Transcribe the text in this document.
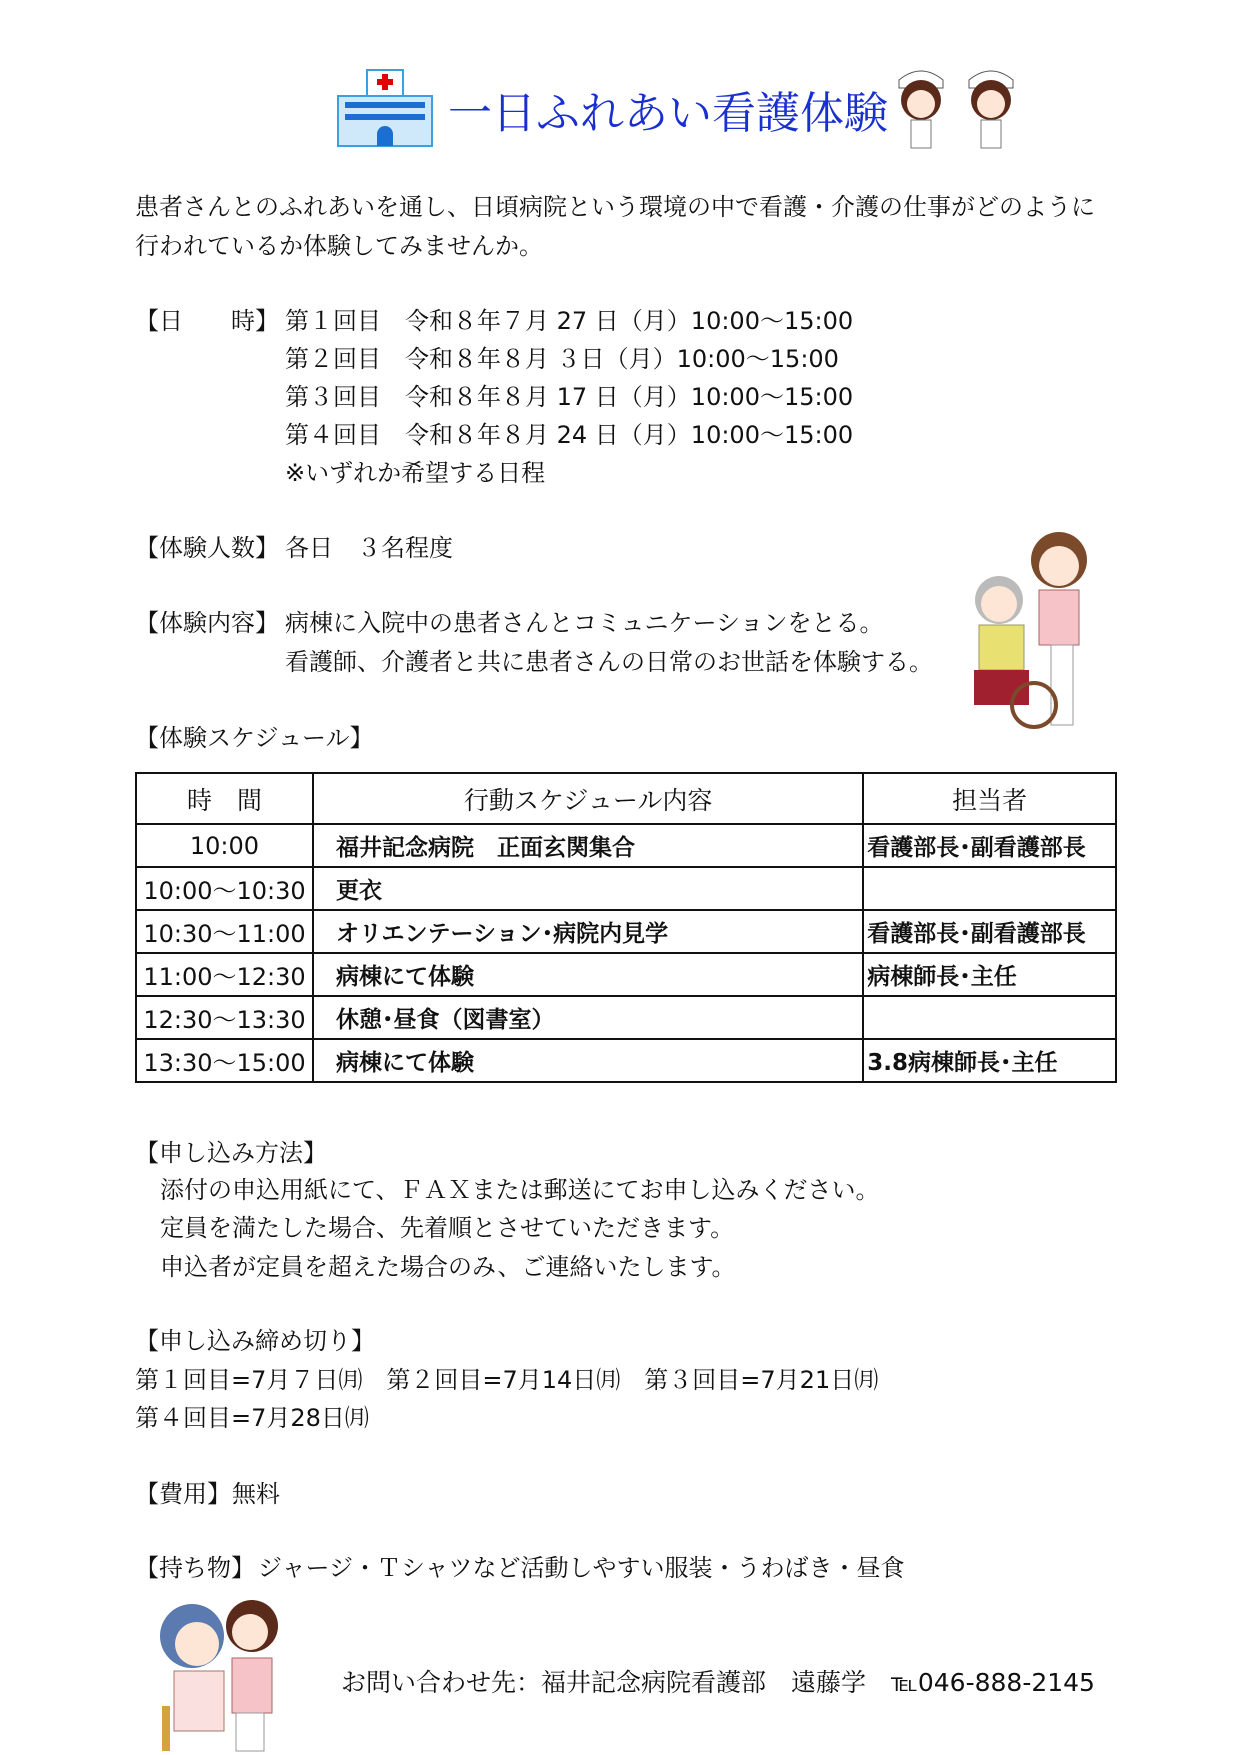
一日ふれあい看護体験
患者さんとのふれあいを通し、日頃病院という環境の中で看護・介護の仕事がどのように
行われているか体験してみませんか。
【日　　時】 第１回目　令和８年７月 27 日（月）10:00～15:00
第２回目　令和８年８月 ３日（月）10:00～15:00
第３回目　令和８年８月 17 日（月）10:00～15:00
第４回目　令和８年８月 24 日（月）10:00～15:00
※いずれか希望する日程
【体験人数】 各日　３名程度
【体験内容】 病棟に入院中の患者さんとコミュニケーションをとる。
看護師、介護者と共に患者さんの日常のお世話を体験する。
【体験スケジュール】
時　間	行動スケジュール内容	担当者
10:00	福井記念病院　正面玄関集合	看護部長･副看護部長
10:00～10:30	更衣	
10:30～11:00	オリエンテーション･病院内見学	看護部長･副看護部長
11:00～12:30	病棟にて体験	病棟師長･主任
12:30～13:30	休憩･昼食（図書室）	
13:30～15:00	病棟にて体験	3.8病棟師長･主任
【申し込み方法】
添付の申込用紙にて、ＦＡＸまたは郵送にてお申し込みください。
定員を満たした場合、先着順とさせていただきます。
申込者が定員を超えた場合のみ、ご連絡いたします。
【申し込み締め切り】
第１回目=7月７日㈪　第２回目=7月14日㈪　第３回目=7月21日㈪
第４回目=7月28日㈪
【費用】 無料
【持ち物】 ジャージ・Ｔシャツなど活動しやすい服装・うわばき・昼食
お問い合わせ先：福井記念病院看護部　遠藤学　℡046-888-2145
